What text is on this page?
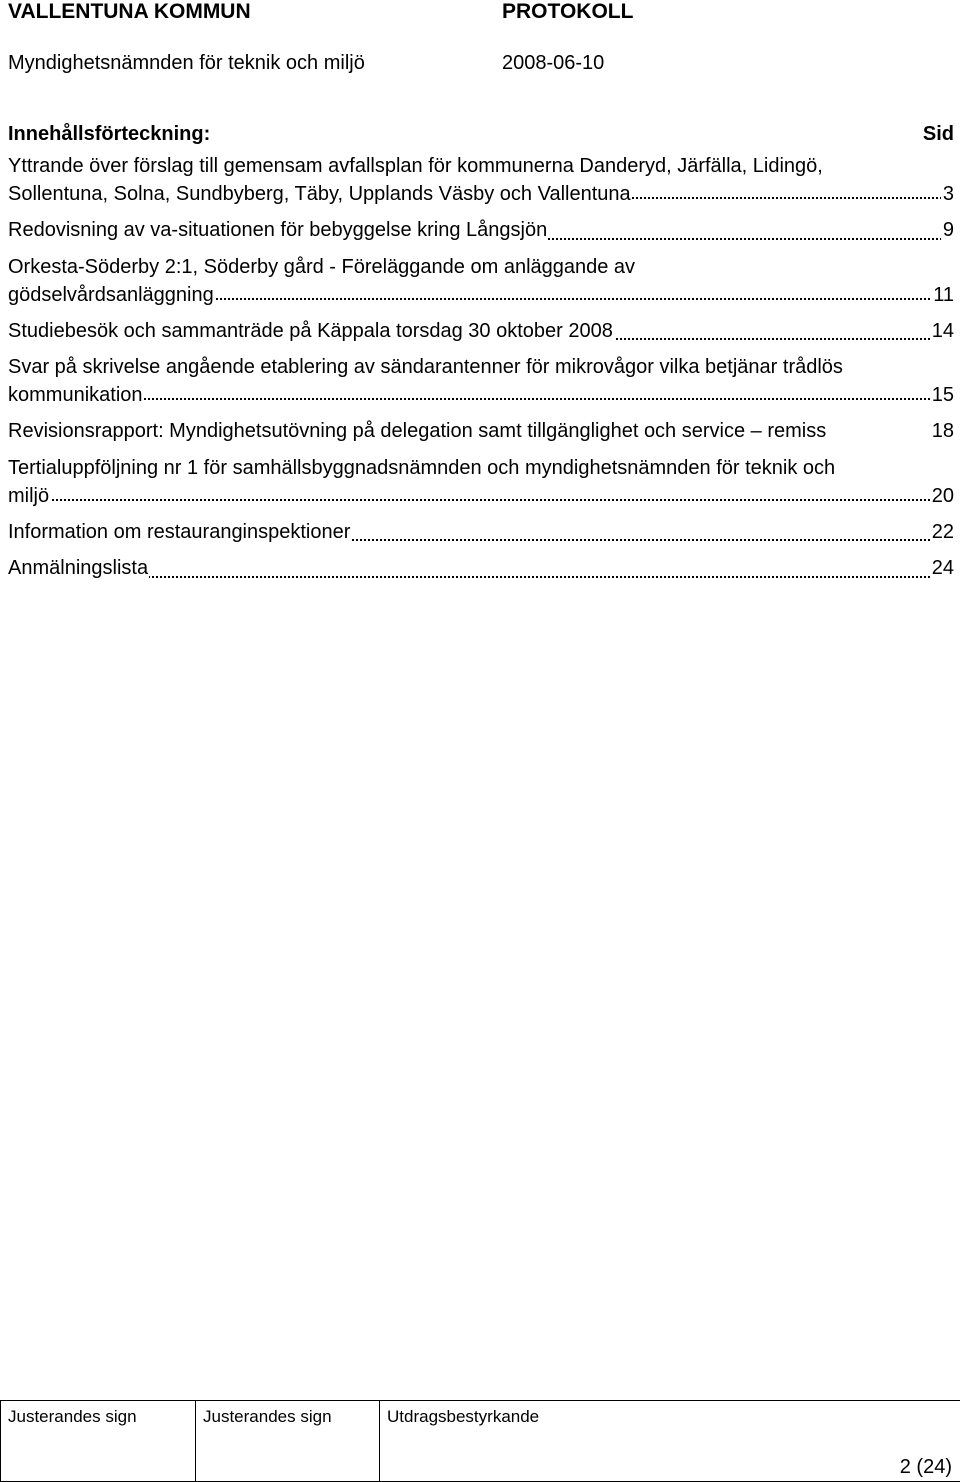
VALLENTUNA KOMMUN	PROTOKOLL
Myndighetsnämnden för teknik och miljö	2008-06-10
Innehållsförteckning:	Sid
Yttrande över förslag till gemensam avfallsplan för kommunerna Danderyd, Järfälla, Lidingö,
Sollentuna, Solna, Sundbyberg, Täby, Upplands Väsby och Vallentuna	3
Redovisning av va-situationen för bebyggelse kring Långsjön	9
Orkesta-Söderby 2:1, Söderby gård - Föreläggande om anläggande av
gödselvårdsanläggning	11
Studiebesök och sammanträde på Käppala torsdag 30 oktober 2008	14
Svar på skrivelse angående etablering av sändarantenner för mikrovågor vilka betjänar trådlös
kommunikation	15
Revisionsrapport: Myndighetsutövning på delegation samt tillgänglighet och service – remiss	18
Tertialuppföljning nr 1 för samhällsbyggnadsnämnden och myndighetsnämnden för teknik och
miljö	20
Information om restauranginspektioner	22
Anmälningslista	24
Justerandes sign	Justerandes sign	Utdragsbestyrkande
2 (24)
